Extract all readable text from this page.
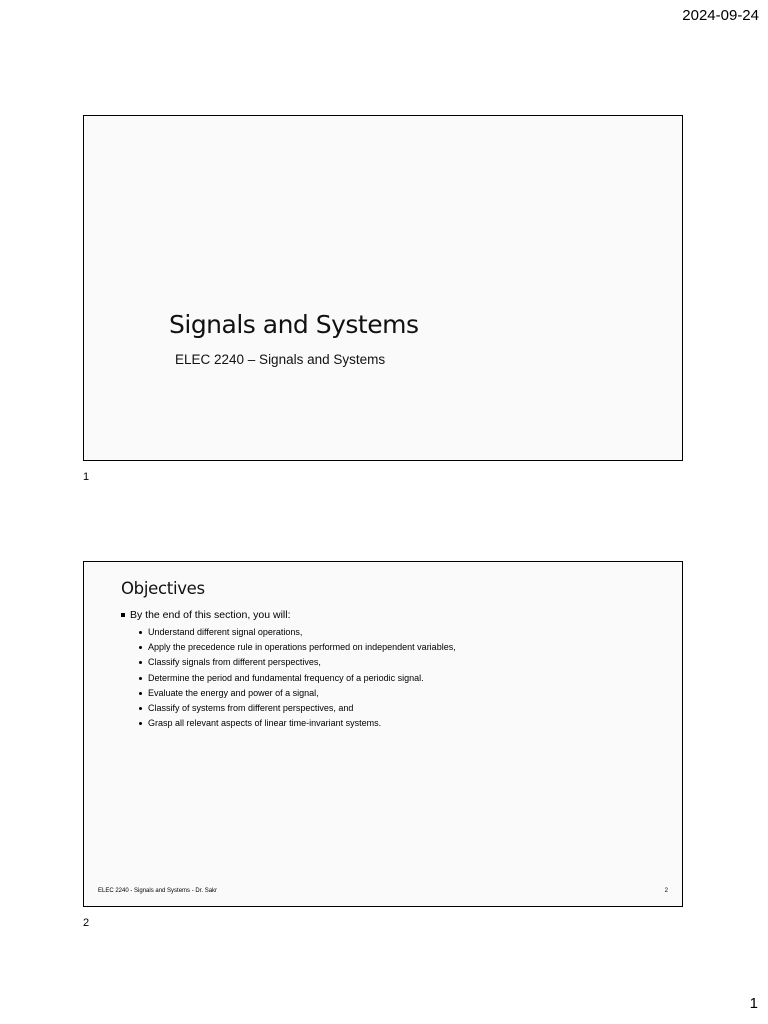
2024-09-24
Signals and Systems
ELEC 2240 – Signals and Systems
1
Objectives
By the end of this section, you will:
Understand different signal operations,
Apply the precedence rule in operations performed on independent variables,
Classify signals from different perspectives,
Determine the period and fundamental frequency of a periodic signal.
Evaluate the energy and power of a signal,
Classify of systems from different perspectives, and
Grasp all relevant aspects of linear time-invariant systems.
ELEC 2240 - Signals and Systems - Dr. Sakr	2
2
1
